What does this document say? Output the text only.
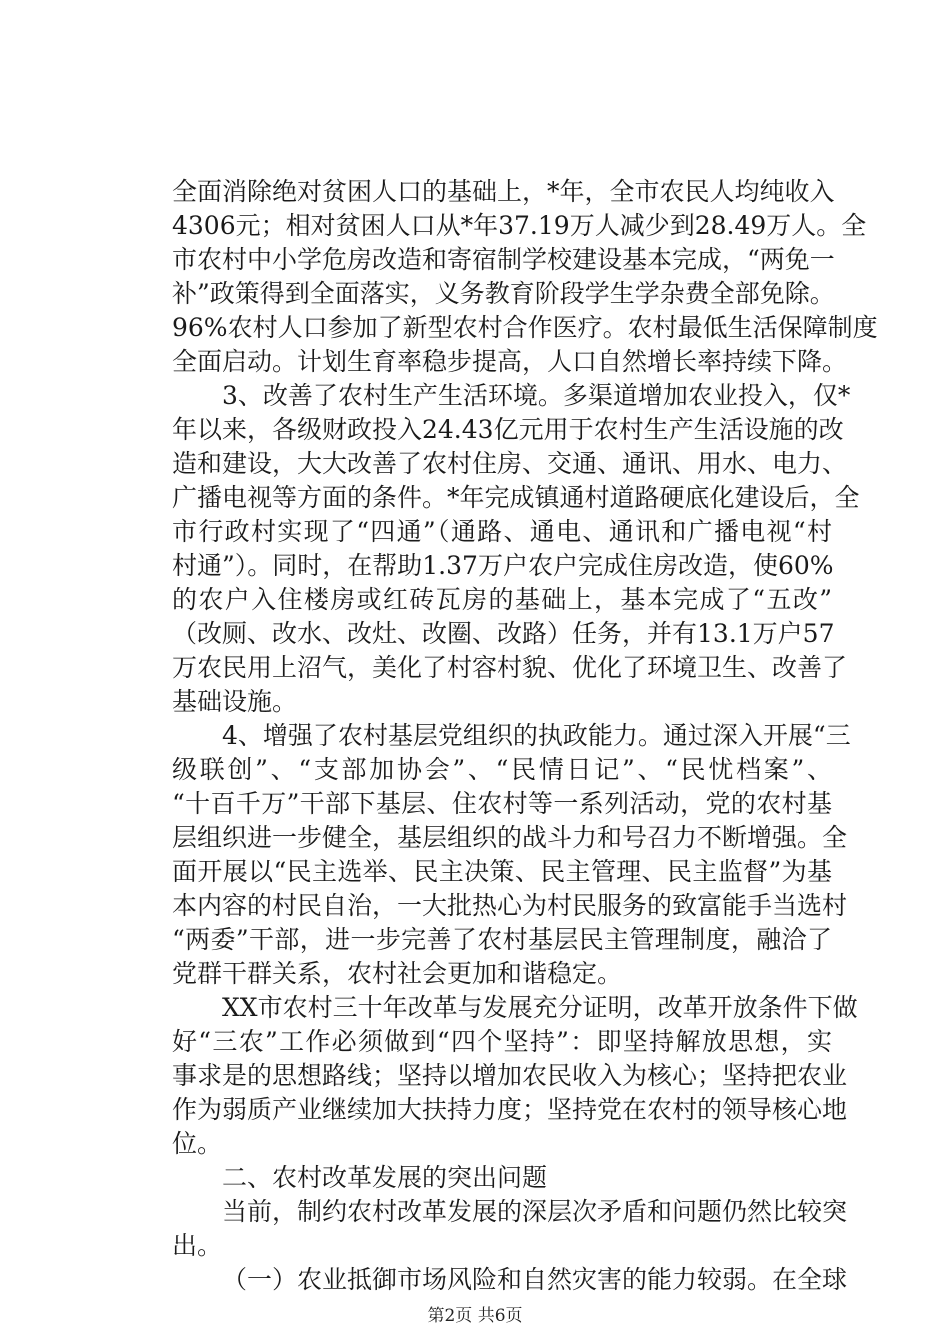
全面消除绝对贫困人口的基础上，*年，全市农民人均纯收入
4306元；相对贫困人口从*年37.19万人减少到28.49万人。全
市农村中小学危房改造和寄宿制学校建设基本完成，“两免一
补”政策得到全面落实，义务教育阶段学生学杂费全部免除。
96%农村人口参加了新型农村合作医疗。农村最低生活保障制度
全面启动。计划生育率稳步提高，人口自然增长率持续下降。
3、改善了农村生产生活环境。多渠道增加农业投入，仅*
年以来，各级财政投入24.43亿元用于农村生产生活设施的改
造和建设，大大改善了农村住房、交通、通讯、用水、电力、
广播电视等方面的条件。*年完成镇通村道路硬底化建设后，全
市行政村实现了“四通”（通路、通电、通讯和广播电视“村
村通”）。同时，在帮助1.37万户农户完成住房改造，使60%
的农户入住楼房或红砖瓦房的基础上，基本完成了“五改”
（改厕、改水、改灶、改圈、改路）任务，并有13.1万户57
万农民用上沼气，美化了村容村貌、优化了环境卫生、改善了
基础设施。
4、增强了农村基层党组织的执政能力。通过深入开展“三
级联创”、“支部加协会”、“民情日记”、“民忧档案”、
“十百千万”干部下基层、住农村等一系列活动，党的农村基
层组织进一步健全，基层组织的战斗力和号召力不断增强。全
面开展以“民主选举、民主决策、民主管理、民主监督”为基
本内容的村民自治，一大批热心为村民服务的致富能手当选村
“两委”干部，进一步完善了农村基层民主管理制度，融洽了
党群干群关系，农村社会更加和谐稳定。
XX市农村三十年改革与发展充分证明，改革开放条件下做
好“三农”工作必须做到“四个坚持”：即坚持解放思想，实
事求是的思想路线；坚持以增加农民收入为核心；坚持把农业
作为弱质产业继续加大扶持力度；坚持党在农村的领导核心地
位。
二、农村改革发展的突出问题
当前，制约农村改革发展的深层次矛盾和问题仍然比较突
出。
（一）农业抵御市场风险和自然灾害的能力较弱。在全球
第2页 共6页
